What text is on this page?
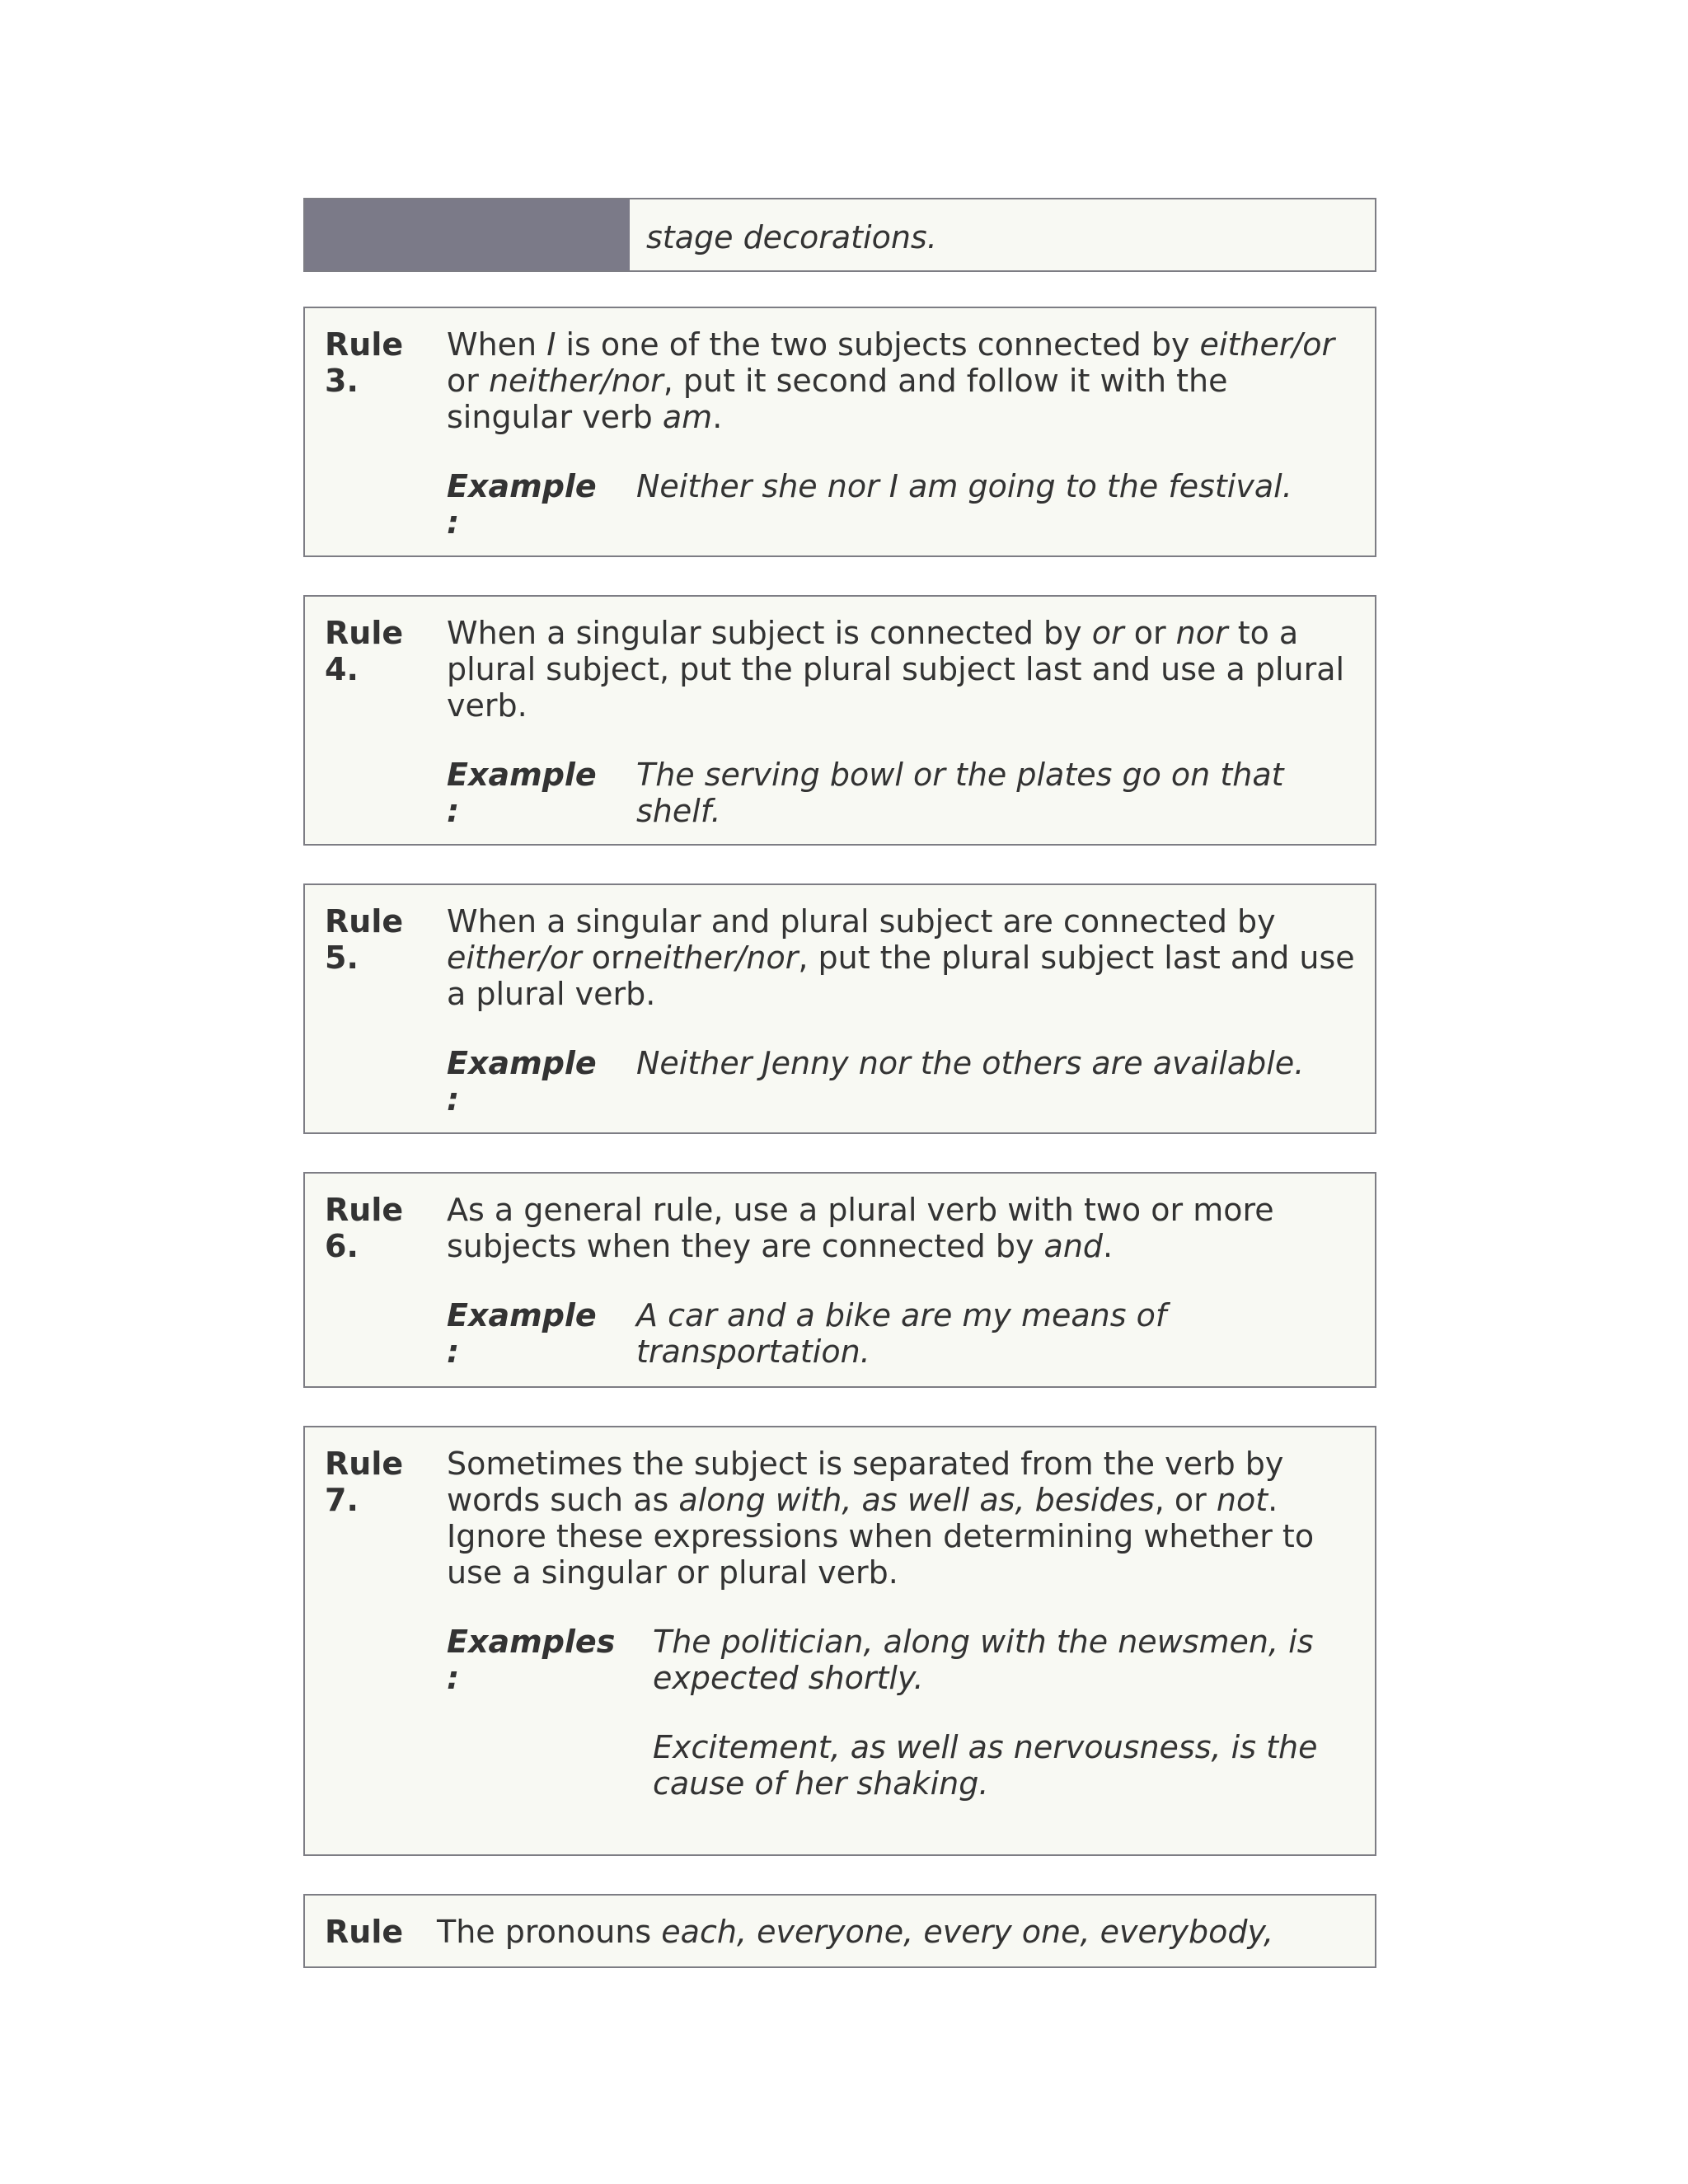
stage decorations.
Rule 3.
When I is one of the two subjects connected by either/or or neither/nor, put it second and follow it with the singular verb am.
Example :

Neither she nor I am going to the festival.

Rule 4.
When a singular subject is connected by or or nor to a plural subject, put the plural subject last and use a plural verb.
Example :

The serving bowl or the plates go on that shelf.

Rule 5.
When a singular and plural subject are connected by either/or orneither/nor, put the plural subject last and use a plural verb.
Example :

Neither Jenny nor the others are available.

Rule 6.
As a general rule, use a plural verb with two or more subjects when they are connected by and.
Example :

A car and a bike are my means of transportation.

Rule 7.
Sometimes the subject is separated from the verb by words such as along with, as well as, besides, or not. Ignore these expressions when determining whether to use a singular or plural verb.
Examples :

The politician, along with the newsmen, is expected shortly.

Excitement, as well as nervousness, is the cause of her shaking.

Rule	The pronouns each, everyone, every one, everybody,
